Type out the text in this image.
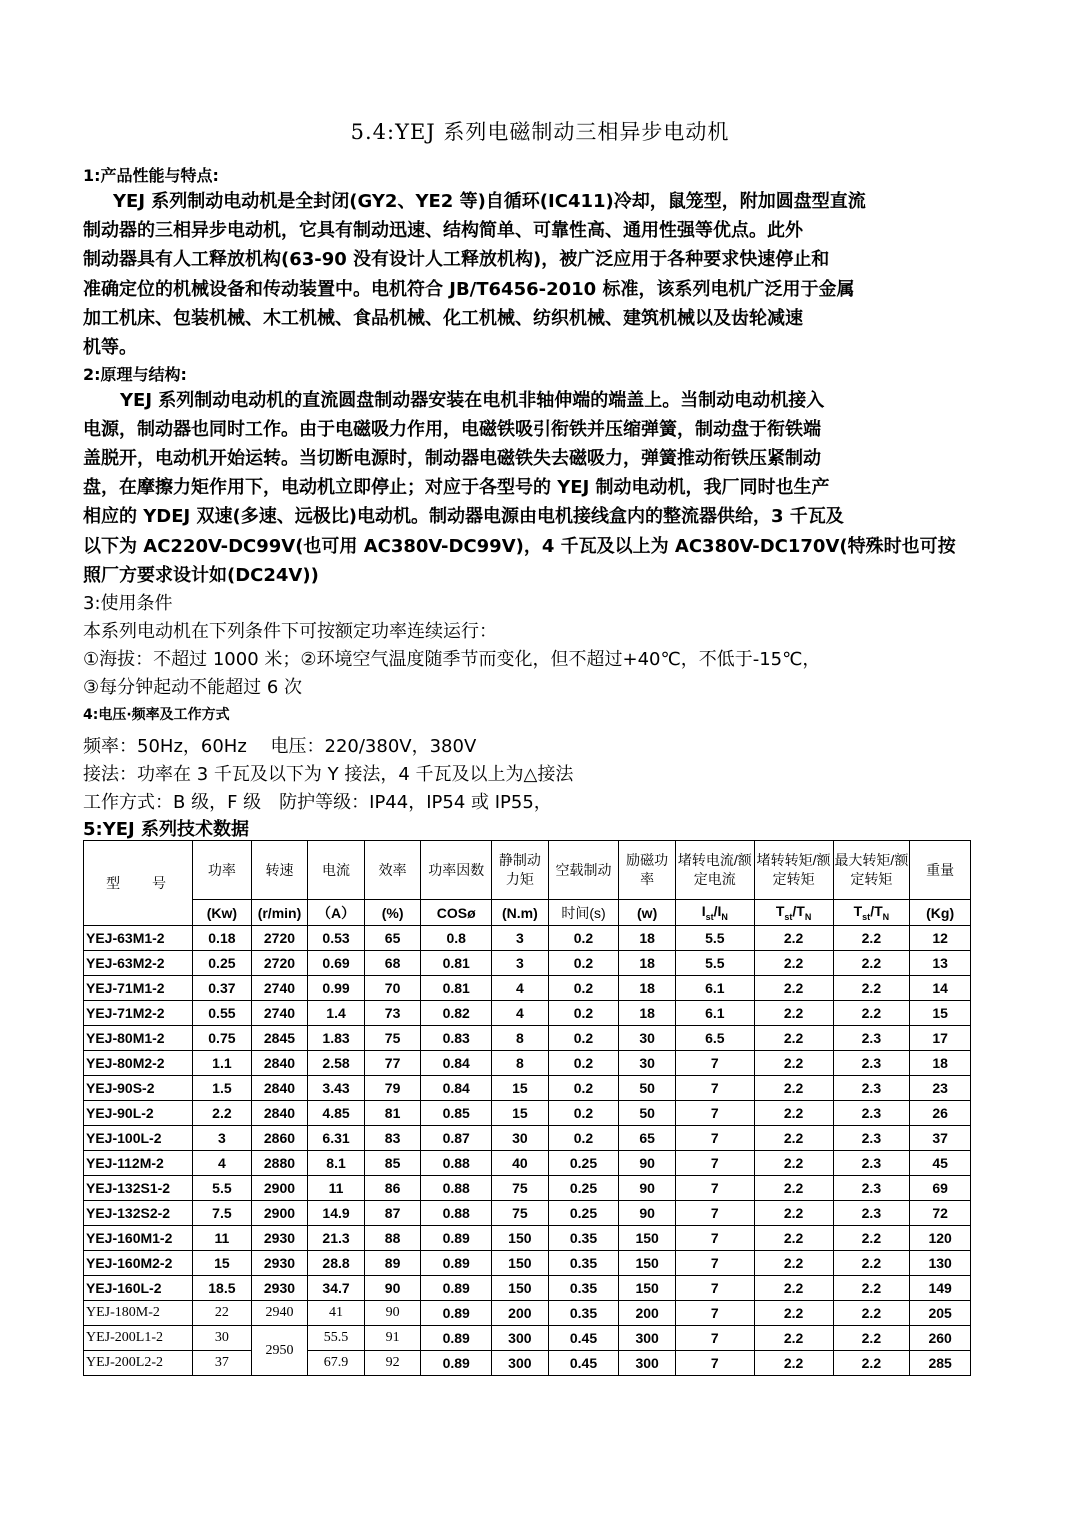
5.4:YEJ 系列电磁制动三相异步电动机
1:产品性能与特点:
YEJ 系列制动电动机是全封闭(GY2、YE2 等)自循环(IC411)冷却，鼠笼型，附加圆盘型直流
制动器的三相异步电动机，它具有制动迅速、结构简单、可靠性高、通用性强等优点。此外
制动器具有人工释放机构(63-90 没有设计人工释放机构)，被广泛应用于各种要求快速停止和
准确定位的机械设备和传动装置中。电机符合 JB/T6456-2010 标准，该系列电机广泛用于金属
加工机床、包装机械、木工机械、食品机械、化工机械、纺织机械、建筑机械以及齿轮减速
机等。
2:原理与结构:
YEJ 系列制动电动机的直流圆盘制动器安装在电机非轴伸端的端盖上。当制动电动机接入
电源，制动器也同时工作。由于电磁吸力作用，电磁铁吸引衔铁并压缩弹簧，制动盘于衔铁端
盖脱开，电动机开始运转。当切断电源时，制动器电磁铁失去磁吸力，弹簧推动衔铁压紧制动
盘，在摩擦力矩作用下，电动机立即停止；对应于各型号的 YEJ 制动电动机，我厂同时也生产
相应的 YDEJ 双速(多速、远极比)电动机。制动器电源由电机接线盒内的整流器供给，3 千瓦及
以下为 AC220V-DC99V(也可用 AC380V-DC99V)，4 千瓦及以上为 AC380V-DC170V(特殊时也可按
照厂方要求设计如(DC24V))
3:使用条件
本系列电动机在下列条件下可按额定功率连续运行：
①海拔：不超过 1000 米；②环境空气温度随季节而变化，但不超过+40℃，不低于-15℃，
③每分钟起动不能超过 6 次
4:电压·频率及工作方式
频率：50Hz，60Hz　 电压：220/380V，380V
接法：功率在 3 千瓦及以下为 Y 接法，4 千瓦及以上为△接法
工作方式：B 级，F 级　防护等级：IP44，IP54 或 IP55，
5:YEJ 系列技术数据
型 号	功率	转速	电流	效率	功率因数	静制动力矩	空载制动	励磁功率	堵转电流/额定电流	堵转转矩/额定转矩	最大转矩/额定转矩	重量
	(Kw)	(r/min)	（A）	(%)	COSø	(N.m)	时间(s)	(w)	$I_{st}/I_N$	$T_{st}/T_N$	$T_{st}/T_N$	(Kg)
YEJ-63M1-2	0.18	2720	0.53	65	0.8	3	0.2	18	5.5	2.2	2.2	12
YEJ-63M2-2	0.25	2720	0.69	68	0.81	3	0.2	18	5.5	2.2	2.2	13
YEJ-71M1-2	0.37	2740	0.99	70	0.81	4	0.2	18	6.1	2.2	2.2	14
YEJ-71M2-2	0.55	2740	1.4	73	0.82	4	0.2	18	6.1	2.2	2.2	15
YEJ-80M1-2	0.75	2845	1.83	75	0.83	8	0.2	30	6.5	2.2	2.3	17
YEJ-80M2-2	1.1	2840	2.58	77	0.84	8	0.2	30	7	2.2	2.3	18
YEJ-90S-2	1.5	2840	3.43	79	0.84	15	0.2	50	7	2.2	2.3	23
YEJ-90L-2	2.2	2840	4.85	81	0.85	15	0.2	50	7	2.2	2.3	26
YEJ-100L-2	3	2860	6.31	83	0.87	30	0.2	65	7	2.2	2.3	37
YEJ-112M-2	4	2880	8.1	85	0.88	40	0.25	90	7	2.2	2.3	45
YEJ-132S1-2	5.5	2900	11	86	0.88	75	0.25	90	7	2.2	2.3	69
YEJ-132S2-2	7.5	2900	14.9	87	0.88	75	0.25	90	7	2.2	2.3	72
YEJ-160M1-2	11	2930	21.3	88	0.89	150	0.35	150	7	2.2	2.2	120
YEJ-160M2-2	15	2930	28.8	89	0.89	150	0.35	150	7	2.2	2.2	130
YEJ-160L-2	18.5	2930	34.7	90	0.89	150	0.35	150	7	2.2	2.2	149
YEJ-180M-2	22	2940	41	90	0.89	200	0.35	200	7	2.2	2.2	205
YEJ-200L1-2	30	2950	55.5	91	0.89	300	0.45	300	7	2.2	2.2	260
YEJ-200L2-2	37		67.9	92	0.89	300	0.45	300	7	2.2	2.2	285
